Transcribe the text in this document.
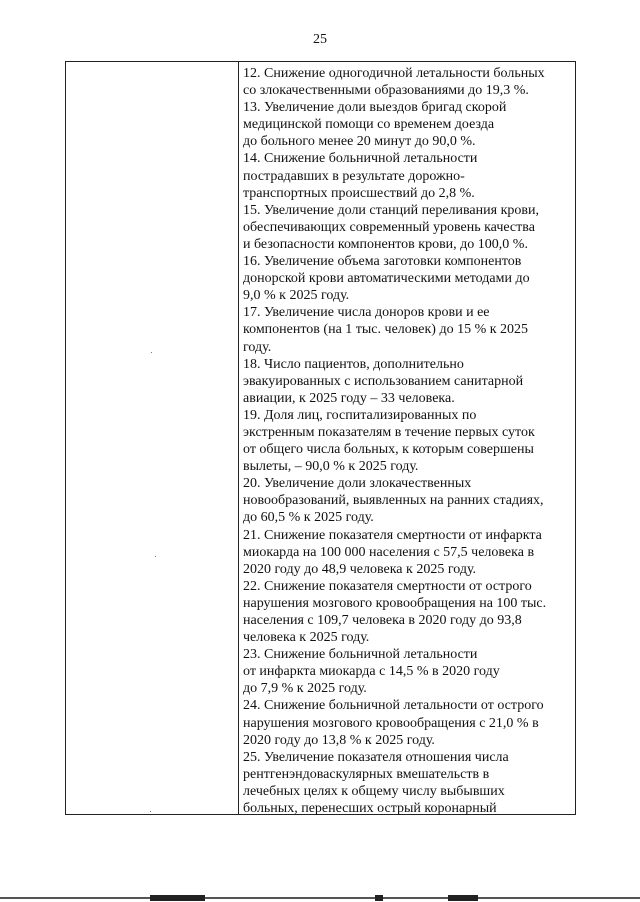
25
12. Снижение одногодичной летальности больных
со злокачественными образованиями до 19,3 %.
13. Увеличение доли выездов бригад скорой
медицинской помощи со временем доезда
до больного менее 20 минут до 90,0 %.
14. Снижение больничной летальности
пострадавших в результате дорожно-
транспортных происшествий до 2,8 %.
15. Увеличение доли станций переливания крови,
обеспечивающих современный уровень качества
и безопасности компонентов крови, до 100,0 %.
16. Увеличение объема заготовки компонентов
донорской крови автоматическими методами до
9,0 % к 2025 году.
17. Увеличение числа доноров крови и ее
компонентов (на 1 тыс. человек) до 15 % к 2025
году.
18. Число пациентов, дополнительно
эвакуированных с использованием санитарной
авиации, к 2025 году – 33 человека.
19. Доля лиц, госпитализированных по
экстренным показателям в течение первых суток
от общего числа больных, к которым совершены
вылеты, – 90,0 % к 2025 году.
20. Увеличение доли злокачественных
новообразований, выявленных на ранних стадиях,
до 60,5 % к 2025 году.
21. Снижение показателя смертности от инфаркта
миокарда на 100 000 населения с 57,5 человека в
2020 году до 48,9 человека к 2025 году.
22. Снижение показателя смертности от острого
нарушения мозгового кровообращения на 100 тыс.
населения с 109,7 человека в 2020 году до 93,8
человека к 2025 году.
23. Снижение больничной летальности
от инфаркта миокарда с 14,5 % в 2020 году
до 7,9 % к 2025 году.
24. Снижение больничной летальности от острого
нарушения мозгового кровообращения с 21,0 % в
2020 году до 13,8 % к 2025 году.
25. Увеличение показателя отношения числа
рентгенэндоваскулярных вмешательств в
лечебных целях к общему числу выбывших
больных, перенесших острый коронарный
